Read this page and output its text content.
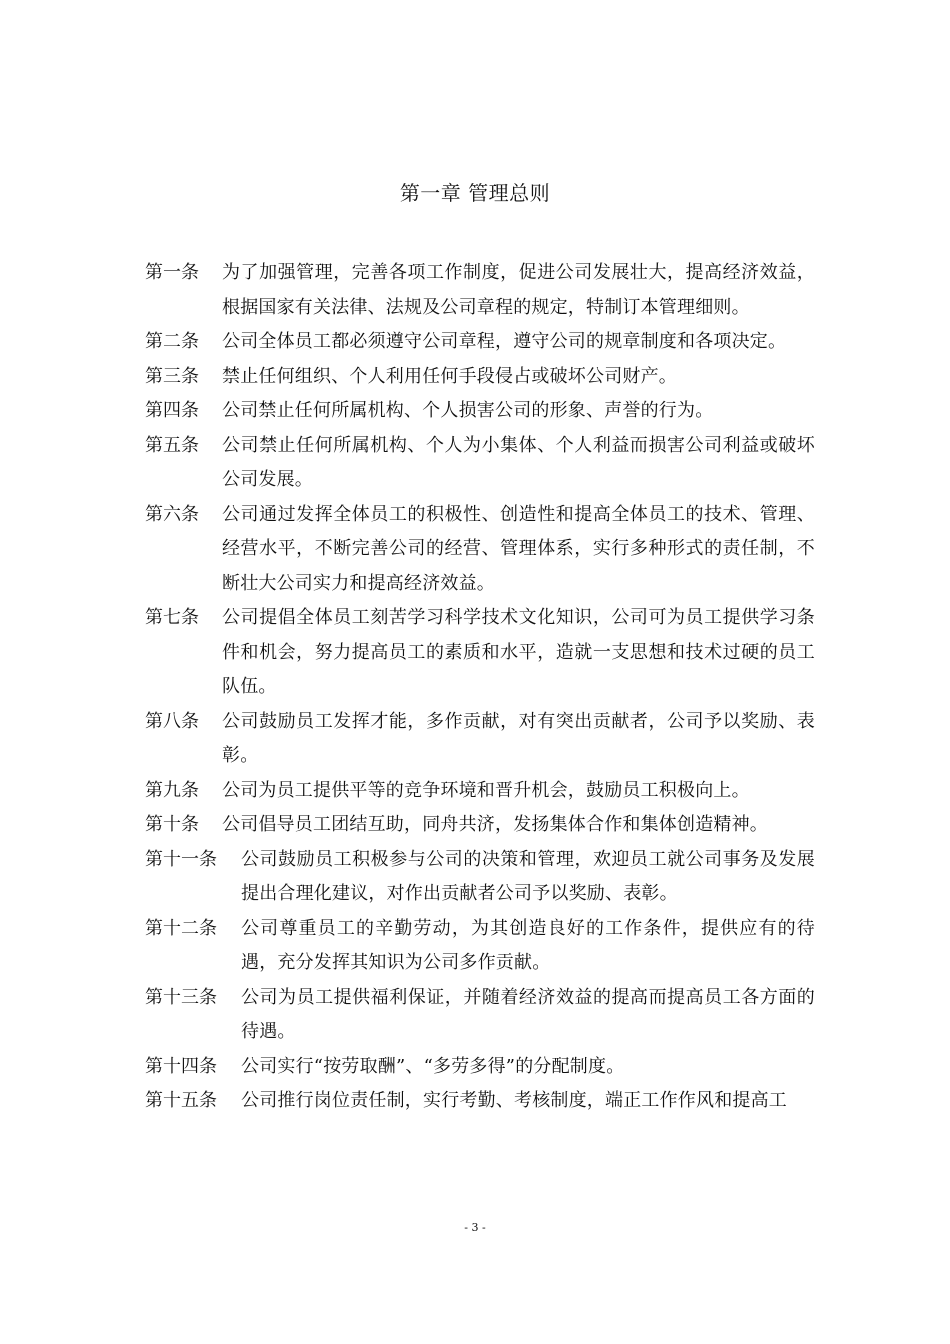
第一章 管理总则
第一条	为了加强管理，完善各项工作制度，促进公司发展壮大，提高经济效益，根据国家有关法律、法规及公司章程的规定，特制订本管理细则。
第二条	公司全体员工都必须遵守公司章程，遵守公司的规章制度和各项决定。
第三条	禁止任何组织、个人利用任何手段侵占或破坏公司财产。
第四条	公司禁止任何所属机构、个人损害公司的形象、声誉的行为。
第五条	公司禁止任何所属机构、个人为小集体、个人利益而损害公司利益或破坏公司发展。
第六条	公司通过发挥全体员工的积极性、创造性和提高全体员工的技术、管理、经营水平，不断完善公司的经营、管理体系，实行多种形式的责任制，不断壮大公司实力和提高经济效益。
第七条	公司提倡全体员工刻苦学习科学技术文化知识，公司可为员工提供学习条件和机会，努力提高员工的素质和水平，造就一支思想和技术过硬的员工队伍。
第八条	公司鼓励员工发挥才能，多作贡献，对有突出贡献者，公司予以奖励、表彰。
第九条	公司为员工提供平等的竞争环境和晋升机会，鼓励员工积极向上。
第十条	公司倡导员工团结互助，同舟共济，发扬集体合作和集体创造精神。
第十一条	公司鼓励员工积极参与公司的决策和管理，欢迎员工就公司事务及发展提出合理化建议，对作出贡献者公司予以奖励、表彰。
第十二条	公司尊重员工的辛勤劳动，为其创造良好的工作条件，提供应有的待遇，充分发挥其知识为公司多作贡献。
第十三条	公司为员工提供福利保证，并随着经济效益的提高而提高员工各方面的待遇。
第十四条	公司实行“按劳取酬”、“多劳多得”的分配制度。
第十五条	公司推行岗位责任制，实行考勤、考核制度，端正工作作风和提高工
- 3 -
